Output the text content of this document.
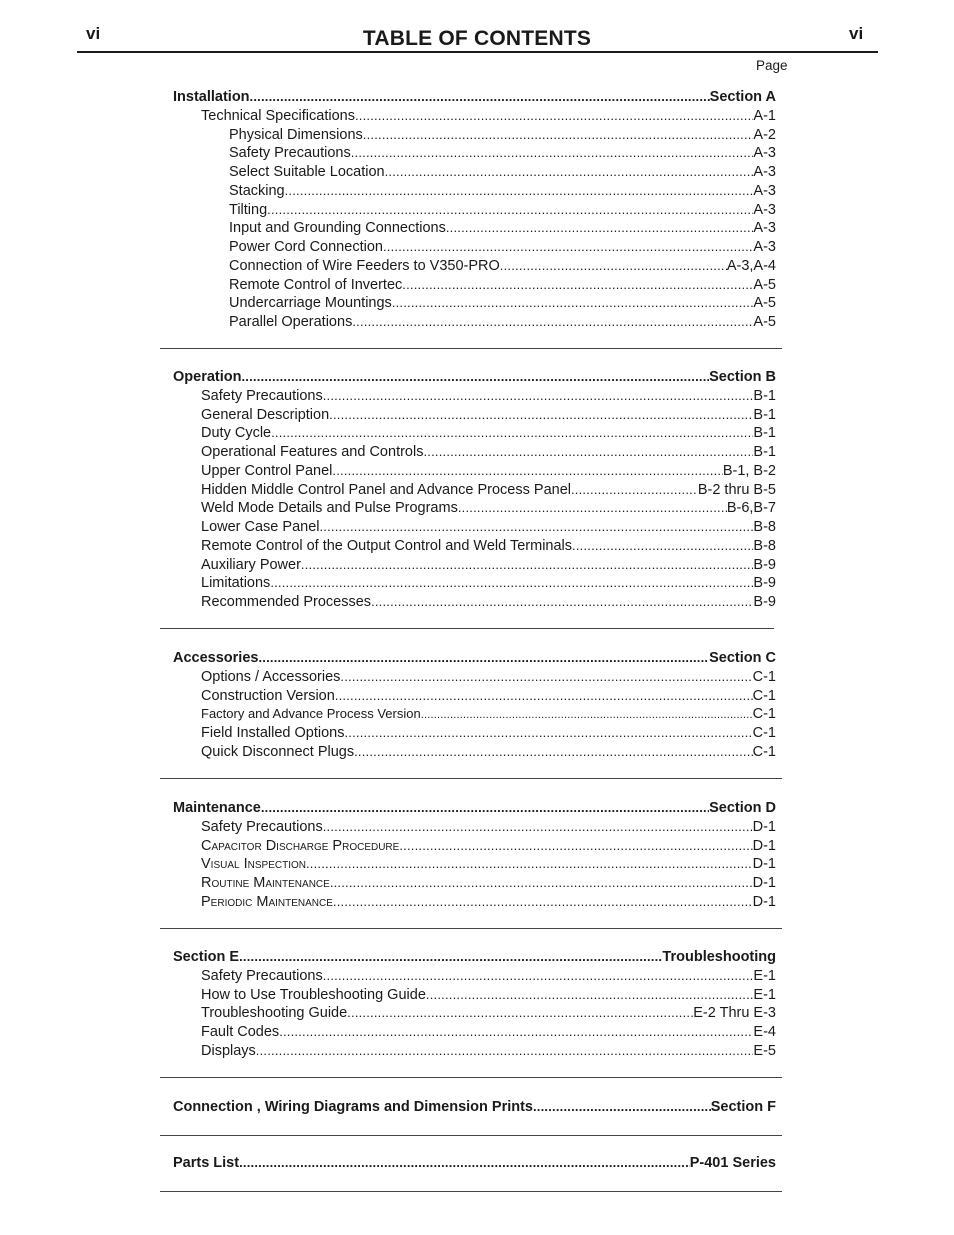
vi	TABLE OF CONTENTS	vi
Page
Installation .....	Section A
Technical Specifications .....	A-1
Physical Dimensions .....	A-2
Safety Precautions .....	A-3
Select Suitable Location .....	A-3
Stacking .....	A-3
Tilting .....	A-3
Input and Grounding Connections .....	A-3
Power Cord Connection .....	A-3
Connection of Wire Feeders to V350-PRO .....	A-3,A-4
Remote Control of Invertec .....	A-5
Undercarriage Mountings .....	A-5
Parallel Operations .....	A-5
Operation .....	Section B
Safety Precautions .....	B-1
General Description .....	B-1
Duty Cycle .....	B-1
Operational Features and Controls .....	B-1
Upper Control Panel .....	B-1, B-2
Hidden Middle Control Panel and Advance Process Panel .....	B-2 thru B-5
Weld Mode Details and Pulse Programs .....	B-6,B-7
Lower Case Panel .....	B-8
Remote Control of the Output Control and Weld Terminals .....	B-8
Auxiliary Power .....	B-9
Limitations .....	B-9
Recommended Processes .....	B-9
Accessories .....	Section C
Options / Accessories .....	C-1
Construction Version .....	C-1
Factory and Advance Process Version .....	C-1
Field Installed Options .....	C-1
Quick Disconnect Plugs .....	C-1
Maintenance .....	Section D
Safety Precautions .....	D-1
Capacitor Discharge Procedure .....	D-1
Visual Inspection .....	D-1
Routine Maintenance .....	D-1
Periodic Maintenance .....	D-1
Section E .....	Troubleshooting
Safety Precautions .....	E-1
How to Use Troubleshooting Guide .....	E-1
Troubleshooting Guide .....	E-2 Thru E-3
Fault Codes .....	E-4
Displays .....	E-5
Connection , Wiring Diagrams and Dimension Prints .....	Section F
Parts List .....	P-401 Series
